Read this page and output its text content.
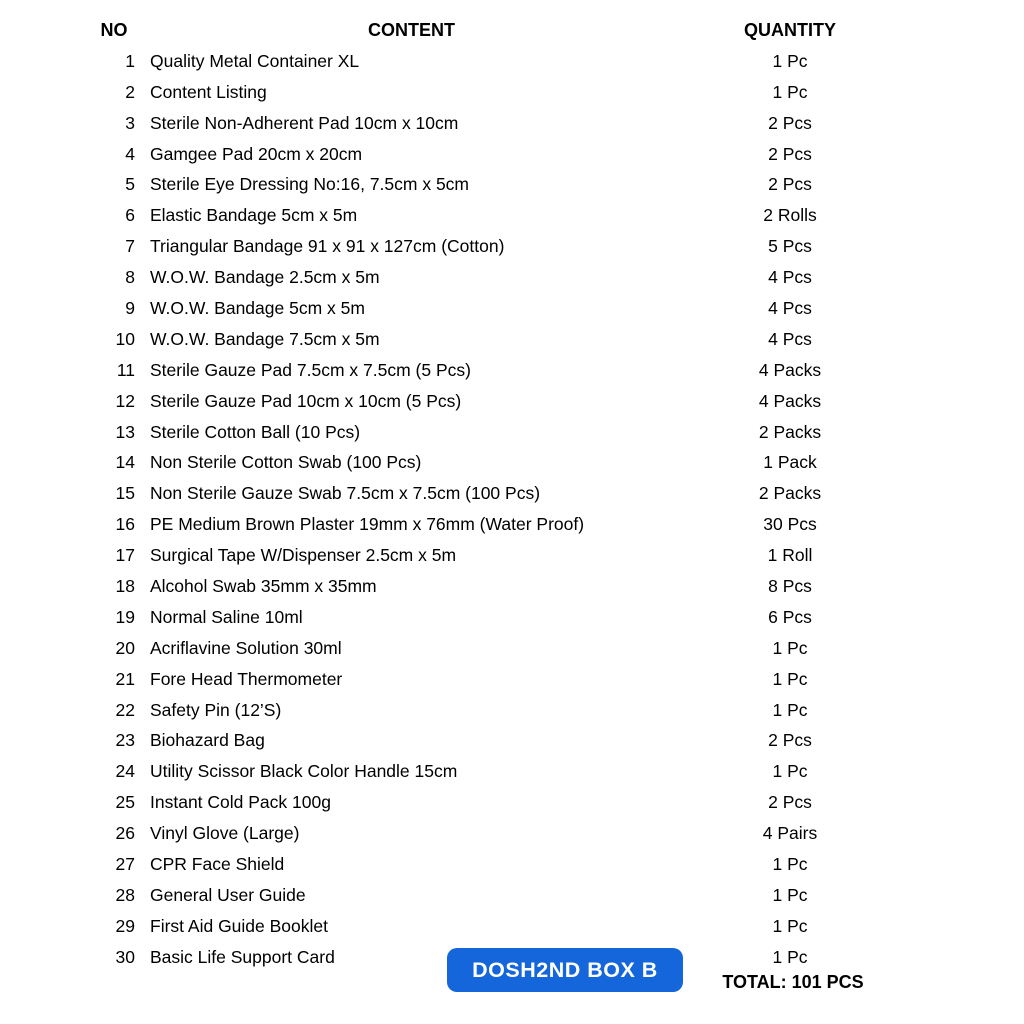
NO	CONTENT	QUANTITY
1 Quality Metal Container XL	1 Pc
2 Content Listing	1 Pc
3 Sterile Non-Adherent Pad 10cm x 10cm	2 Pcs
4 Gamgee Pad 20cm x 20cm	2 Pcs
5 Sterile Eye Dressing No:16, 7.5cm x 5cm	2 Pcs
6 Elastic Bandage 5cm x 5m	2 Rolls
7 Triangular Bandage 91 x 91 x 127cm (Cotton)	5 Pcs
8 W.O.W. Bandage 2.5cm x 5m	4 Pcs
9 W.O.W. Bandage 5cm x 5m	4 Pcs
10 W.O.W. Bandage 7.5cm x 5m	4 Pcs
11 Sterile Gauze Pad 7.5cm x 7.5cm (5 Pcs)	4 Packs
12 Sterile Gauze Pad 10cm x 10cm (5 Pcs)	4 Packs
13 Sterile Cotton Ball (10 Pcs)	2 Packs
14 Non Sterile Cotton Swab (100 Pcs)	1 Pack
15 Non Sterile Gauze Swab 7.5cm x 7.5cm (100 Pcs)	2 Packs
16 PE Medium Brown Plaster 19mm x 76mm (Water Proof)	30 Pcs
17 Surgical Tape W/Dispenser 2.5cm x 5m	1 Roll
18 Alcohol Swab 35mm x 35mm	8 Pcs
19 Normal Saline 10ml	6 Pcs
20 Acriflavine Solution 30ml	1 Pc
21 Fore Head Thermometer	1 Pc
22 Safety Pin (12’S)	1 Pc
23 Biohazard Bag	2 Pcs
24 Utility Scissor Black Color Handle 15cm	1 Pc
25 Instant Cold Pack 100g	2 Pcs
26 Vinyl Glove (Large)	4 Pairs
27 CPR Face Shield	1 Pc
28 General User Guide	1 Pc
29 First Aid Guide Booklet	1 Pc
30 Basic Life Support Card	1 Pc
DOSH2ND BOX B
TOTAL: 101 PCS
